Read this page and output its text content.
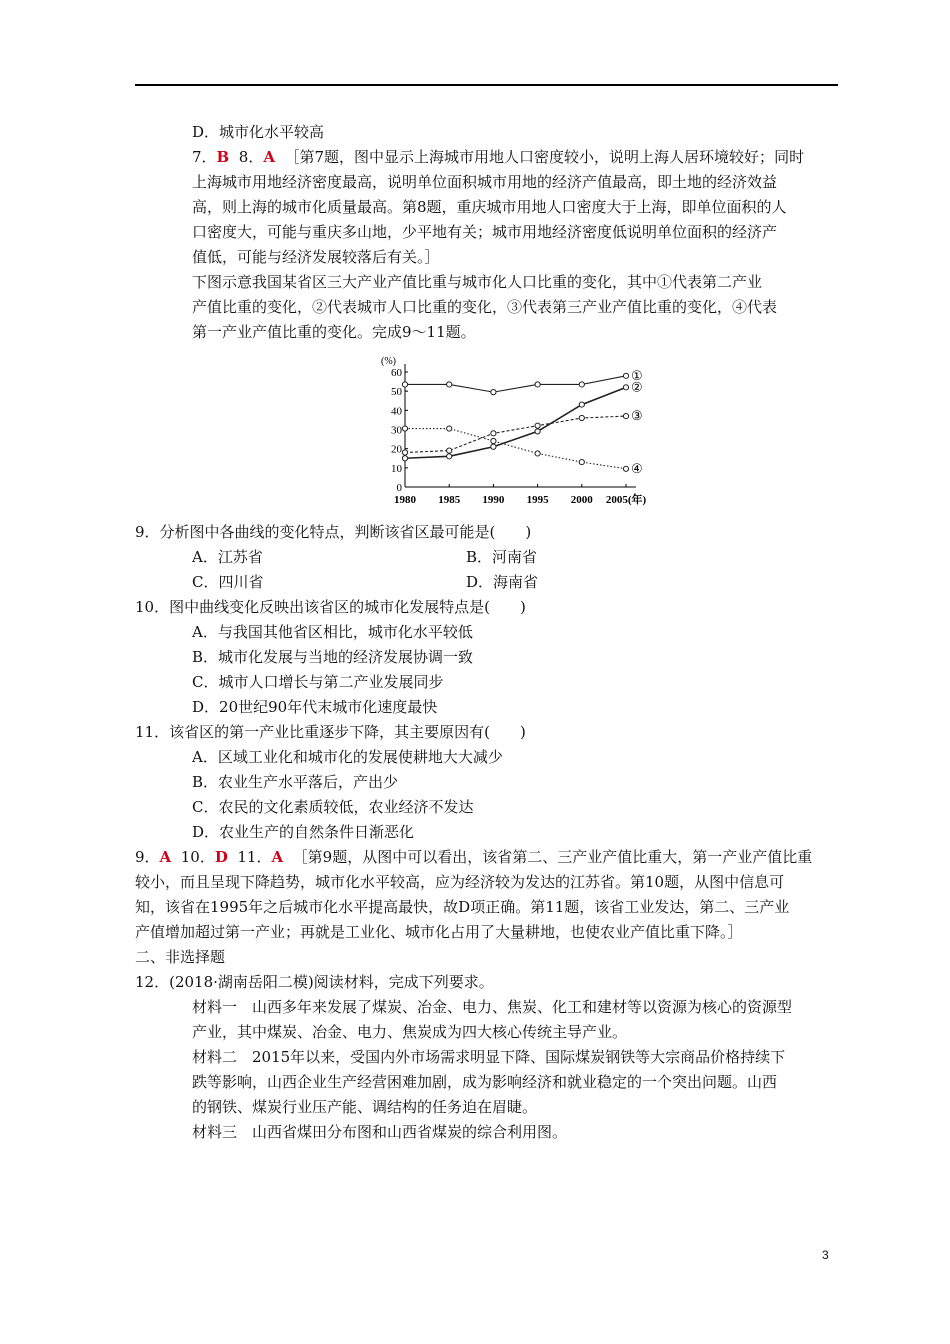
D．城市化水平较高
7．B 8．A ［第7题，图中显示上海城市用地人口密度较小，说明上海人居环境较好；同时
上海城市用地经济密度最高，说明单位面积城市用地的经济产值最高，即土地的经济效益
高，则上海的城市化质量最高。第8题，重庆城市用地人口密度大于上海，即单位面积的人
口密度大，可能与重庆多山地，少平地有关；城市用地经济密度低说明单位面积的经济产
值低，可能与经济发展较落后有关。］
下图示意我国某省区三大产业产值比重与城市化人口比重的变化，其中①代表第二产业
产值比重的变化，②代表城市人口比重的变化，③代表第三产业产值比重的变化，④代表
第一产业产值比重的变化。完成9～11题。
(%)
0
10
20
30
40
50
60
1980 1985 1990 1995 2000 2005(年)
①
②
③
④
9．分析图中各曲线的变化特点，判断该省区最可能是(　　)
A．江苏省	B．河南省
C．四川省	D．海南省
10．图中曲线变化反映出该省区的城市化发展特点是(　　)
A．与我国其他省区相比，城市化水平较低
B．城市化发展与当地的经济发展协调一致
C．城市人口增长与第二产业发展同步
D．20世纪90年代末城市化速度最快
11．该省区的第一产业比重逐步下降，其主要原因有(　　)
A．区域工业化和城市化的发展使耕地大大减少
B．农业生产水平落后，产出少
C．农民的文化素质较低，农业经济不发达
D．农业生产的自然条件日渐恶化
9．A 10．D 11．A ［第9题，从图中可以看出，该省第二、三产业产值比重大，第一产业产值比重
较小，而且呈现下降趋势，城市化水平较高，应为经济较为发达的江苏省。第10题，从图中信息可
知，该省在1995年之后城市化水平提高最快，故D项正确。第11题，该省工业发达，第二、三产业
产值增加超过第一产业；再就是工业化、城市化占用了大量耕地，也使农业产值比重下降。］
二、非选择题
12．(2018·湖南岳阳二模)阅读材料，完成下列要求。
材料一　山西多年来发展了煤炭、冶金、电力、焦炭、化工和建材等以资源为核心的资源型
产业，其中煤炭、冶金、电力、焦炭成为四大核心传统主导产业。
材料二　2015年以来，受国内外市场需求明显下降、国际煤炭钢铁等大宗商品价格持续下
跌等影响，山西企业生产经营困难加剧，成为影响经济和就业稳定的一个突出问题。山西
的钢铁、煤炭行业压产能、调结构的任务迫在眉睫。
材料三　山西省煤田分布图和山西省煤炭的综合利用图。
3
